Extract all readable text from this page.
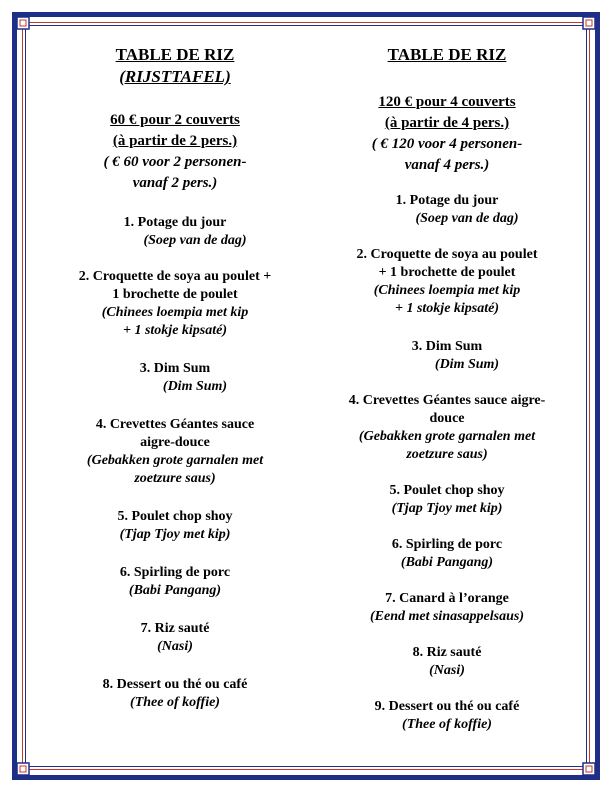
TABLE DE RIZ
(RIJSTTAFEL)
60 € pour 2 couverts
(à partir de 2 pers.)
( € 60 voor 2 personen-
vanaf 2 pers.)
1. Potage du jour
(Soep van de dag)
2. Croquette de soya au poulet +
1 brochette de poulet
(Chinees loempia met kip
+ 1 stokje kipsaté)
3. Dim Sum
(Dim Sum)
4. Crevettes Géantes sauce
aigre-douce
(Gebakken grote garnalen met
zoetzure saus)
5. Poulet chop shoy
(Tjap Tjoy met kip)
6. Spirling de porc
(Babi Pangang)
7. Riz sauté
(Nasi)
8. Dessert ou thé ou café
(Thee of koffie)
TABLE DE RIZ
120 € pour 4 couverts
(à partir de 4 pers.)
( € 120 voor 4 personen-
vanaf 4 pers.)
1. Potage du jour
(Soep van de dag)
2. Croquette de soya au poulet
+ 1 brochette de poulet
(Chinees loempia met kip
+ 1 stokje kipsaté)
3. Dim Sum
(Dim Sum)
4. Crevettes Géantes sauce aigre-
douce
(Gebakken grote garnalen met
zoetzure saus)
5. Poulet chop shoy
(Tjap Tjoy met kip)
6. Spirling de porc
(Babi Pangang)
7. Canard à l’orange
(Eend met sinasappelsaus)
8. Riz sauté
(Nasi)
9. Dessert ou thé ou café
(Thee of koffie)
